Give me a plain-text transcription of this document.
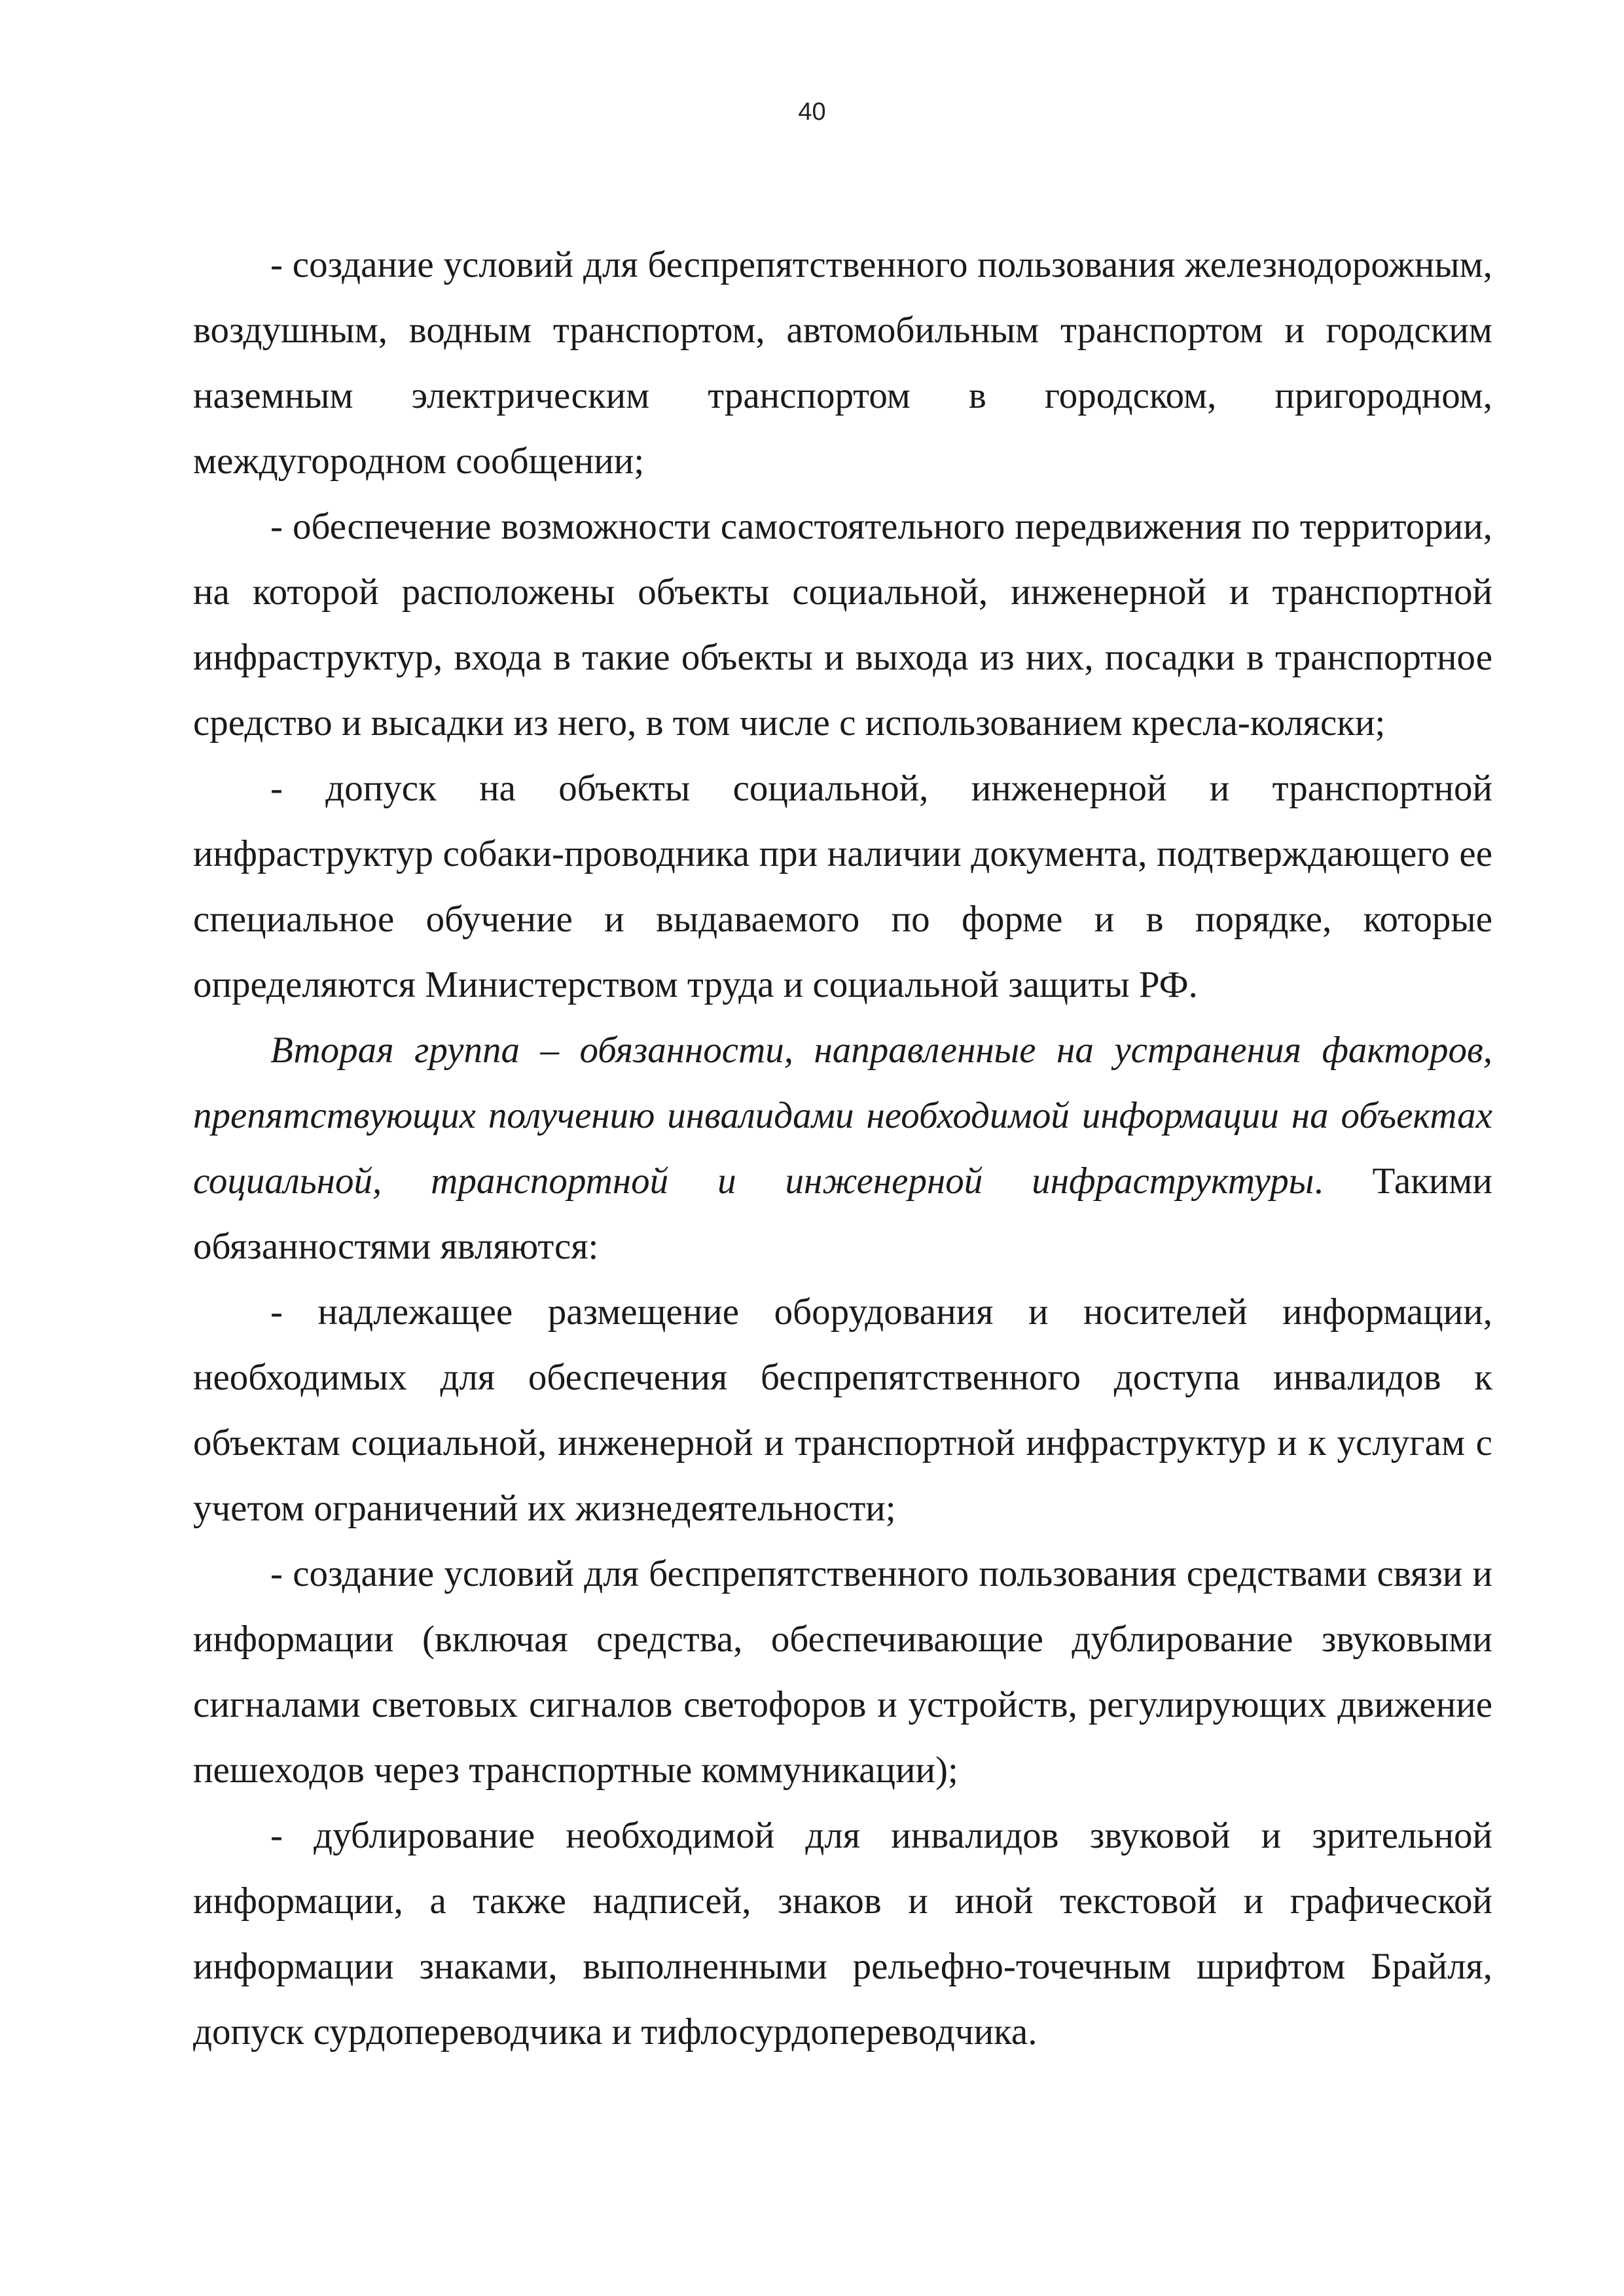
40

- создание условий для беспрепятственного пользования железнодорожным, воздушным, водным транспортом, автомобильным транспортом и городским наземным электрическим транспортом в городском, пригородном, междугородном сообщении;

- обеспечение возможности самостоятельного передвижения по территории, на которой расположены объекты социальной, инженерной и транспортной инфраструктур, входа в такие объекты и выхода из них, посадки в транспортное средство и высадки из него, в том числе с использованием кресла-коляски;

- допуск на объекты социальной, инженерной и транспортной инфраструктур собаки-проводника при наличии документа, подтверждающего ее специальное обучение и выдаваемого по форме и в порядке, которые определяются Министерством труда и социальной защиты РФ.

Вторая группа – обязанности, направленные на устранения факторов, препятствующих получению инвалидами необходимой информации на объектах социальной, транспортной и инженерной инфраструктуры. Такими обязанностями являются:

- надлежащее размещение оборудования и носителей информации, необходимых для обеспечения беспрепятственного доступа инвалидов к объектам социальной, инженерной и транспортной инфраструктур и к услугам с учетом ограничений их жизнедеятельности;

- создание условий для беспрепятственного пользования средствами связи и информации (включая средства, обеспечивающие дублирование звуковыми сигналами световых сигналов светофоров и устройств, регулирующих движение пешеходов через транспортные коммуникации);

- дублирование необходимой для инвалидов звуковой и зрительной информации, а также надписей, знаков и иной текстовой и графической информации знаками, выполненными рельефно-точечным шрифтом Брайля, допуск сурдопереводчика и тифлосурдопереводчика.
